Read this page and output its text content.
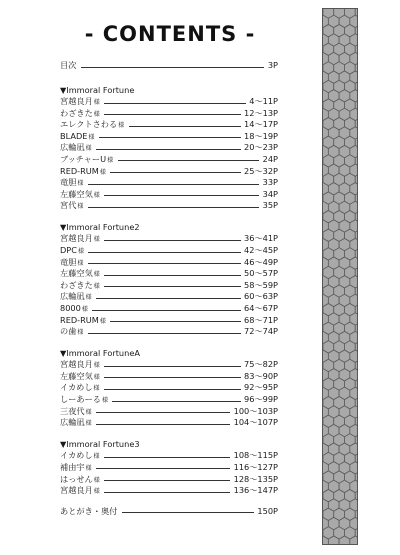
- CONTENTS -
目次	3P
▼Immoral Fortune
宮越良月様	4～11P
わざきた様	12～13P
エレクトさわる様	14～17P
BLADE様	18～19P
広輪凪様	20～23P
ブッチャーU様	24P
RED-RUM様	25～32P
竜胆様	33P
左藤空気様	34P
宮代様	35P
▼Immoral Fortune2
宮越良月様	36～41P
DPC様	42～45P
竜胆様	46～49P
左藤空気様	50～57P
わざきた様	58～59P
広輪凪様	60～63P
8000様	64～67P
RED-RUM様	68～71P
の歯様	72～74P
▼Immoral FortuneA
宮越良月様	75～82P
左藤空気様	83～90P
イカめし様	92～95P
しーあーる様	96～99P
三夜代様	100～103P
広輪凪様	104～107P
▼Immoral Fortune3
イカめし様	108～115P
補由宇様	116～127P
はっせん様	128～135P
宮越良月様	136～147P
あとがき・奥付	150P
